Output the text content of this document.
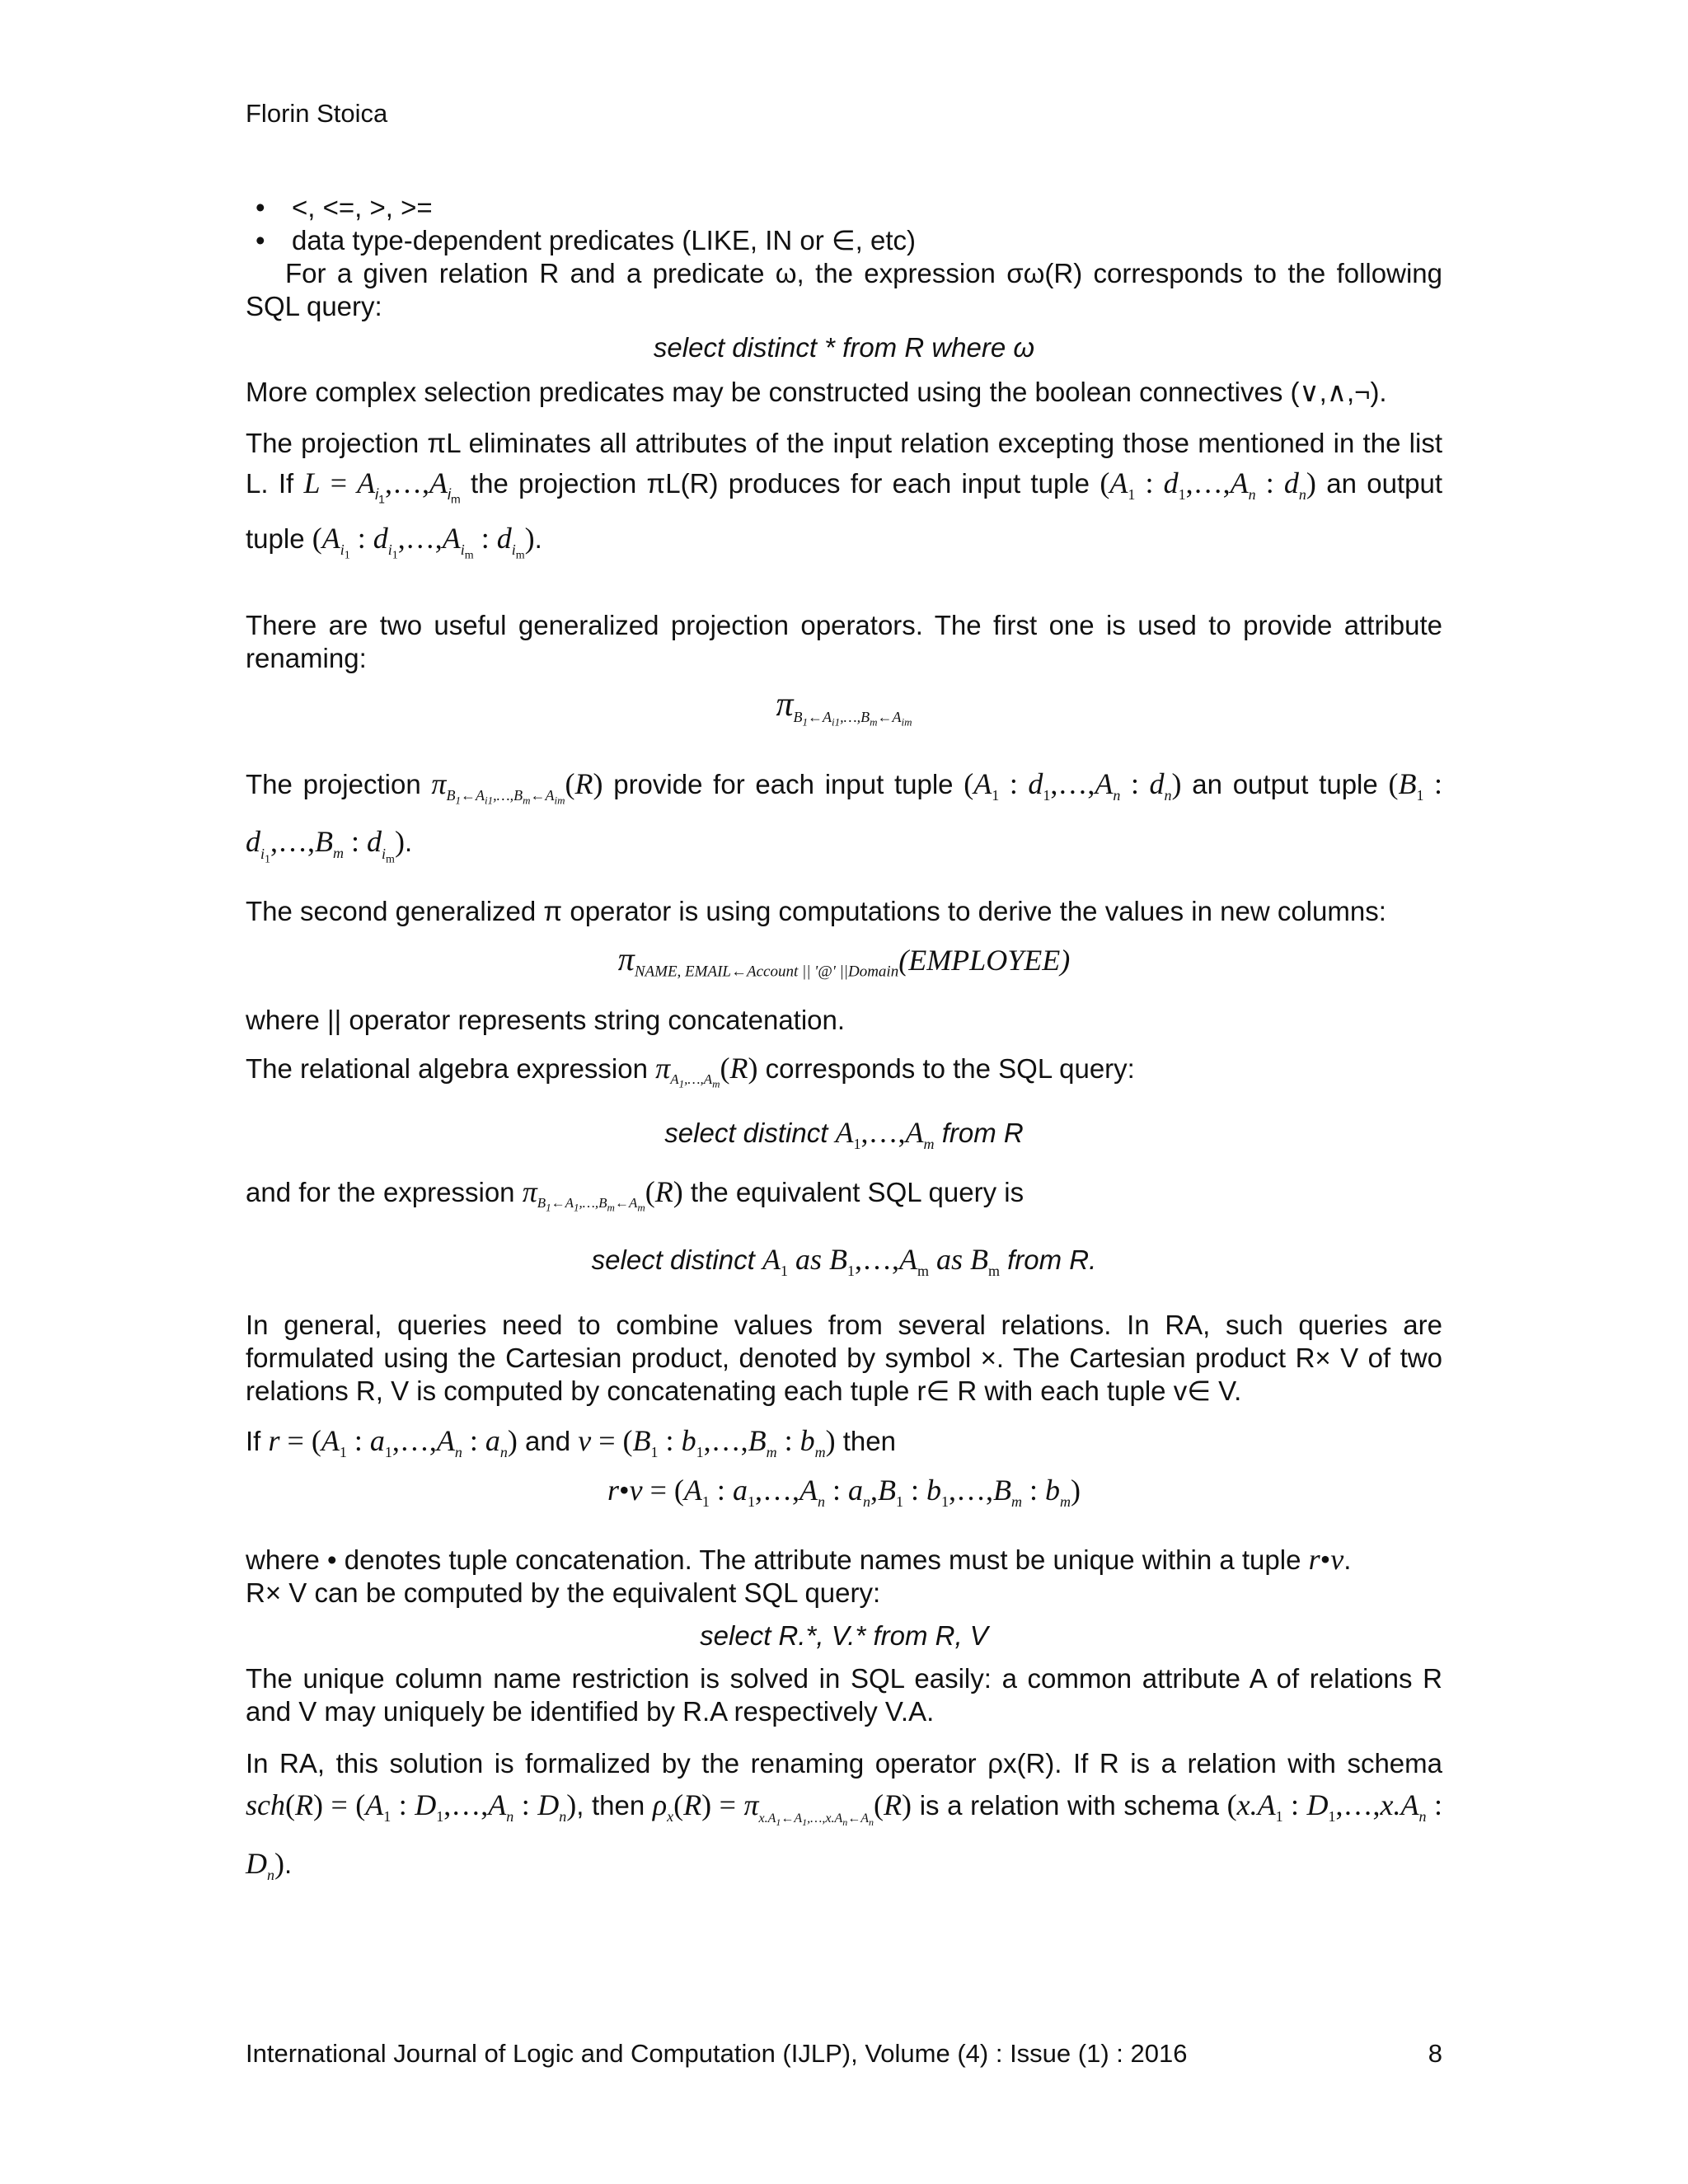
Florin Stoica
• <, <=, >, >=
• data type-dependent predicates (LIKE, IN or ∈, etc)
For a given relation R and a predicate ω, the expression σω(R) corresponds to the following SQL query:
select distinct * from R where ω
More complex selection predicates may be constructed using the boolean connectives (∨,∧,¬).
The projection πL eliminates all attributes of the input relation excepting those mentioned in the list L. If $L = A_{i_1},\dots,A_{i_m}$ the projection πL(R) produces for each input tuple ($A_1$ : $d_1,\dots,A_n$ : $d_n$) an output tuple ($A_{i_1}$ : $d_{i_1},\dots,A_{i_m}$ : $d_{i_m}$).
There are two useful generalized projection operators. The first one is used to provide attribute renaming:
$\pi_{B_1\leftarrow A_{i1},\dots,B_m\leftarrow A_{im}}$
The projection $\pi_{B_1\leftarrow A_{i1},\dots,B_m\leftarrow A_{im}}(R)$ provide for each input tuple ($A_1$ : $d_1,\dots,A_n$ : $d_n$) an output tuple ($B_1$ : $d_{i_1},\dots,B_m$ : $d_{i_m}$).
The second generalized π operator is using computations to derive the values in new columns:
$\pi_{NAME, EMAIL\leftarrow Account || '@' ||Domain}(EMPLOYEE)$
where || operator represents string concatenation.
The relational algebra expression $\pi_{A_1,\dots,A_m}(R)$ corresponds to the SQL query:
select distinct $A_1,\dots,A_m$ from R
and for the expression $\pi_{B_1\leftarrow A_1,\dots,B_m\leftarrow A_m}(R)$ the equivalent SQL query is
select distinct $A_1$ as $B_1,\dots,A_m$ as $B_m$ from R.
In general, queries need to combine values from several relations. In RA, such queries are formulated using the Cartesian product, denoted by symbol ×. The Cartesian product R× V of two relations R, V is computed by concatenating each tuple r∈ R with each tuple v∈ V.
If $r = (A_1$ : $a_1,\dots,A_n$ : $a_n$) and $v = (B_1$ : $b_1,\dots,B_m$ : $b_m$) then
r•v = ($A_1$ : $a_1,\dots,A_n$ : $a_n,B_1$ : $b_1,\dots,B_m$ : $b_m$)
where • denotes tuple concatenation. The attribute names must be unique within a tuple r•v.
R× V can be computed by the equivalent SQL query:
select R.*, V.* from R, V
The unique column name restriction is solved in SQL easily: a common attribute A of relations R and V may uniquely be identified by R.A respectively V.A.
In RA, this solution is formalized by the renaming operator ρx(R). If R is a relation with schema $sch(R) = (A_1$ : $D_1,\dots,A_n$ : $D_n$), then $\rho_x(R) = \pi_{x.A_1\leftarrow A_1,\dots,x.A_n\leftarrow A_n}(R)$ is a relation with schema ($x.A_1$ : $D_1,\dots,x.A_n$ : $D_n$).
International Journal of Logic and Computation (IJLP), Volume (4) : Issue (1) : 2016	8
